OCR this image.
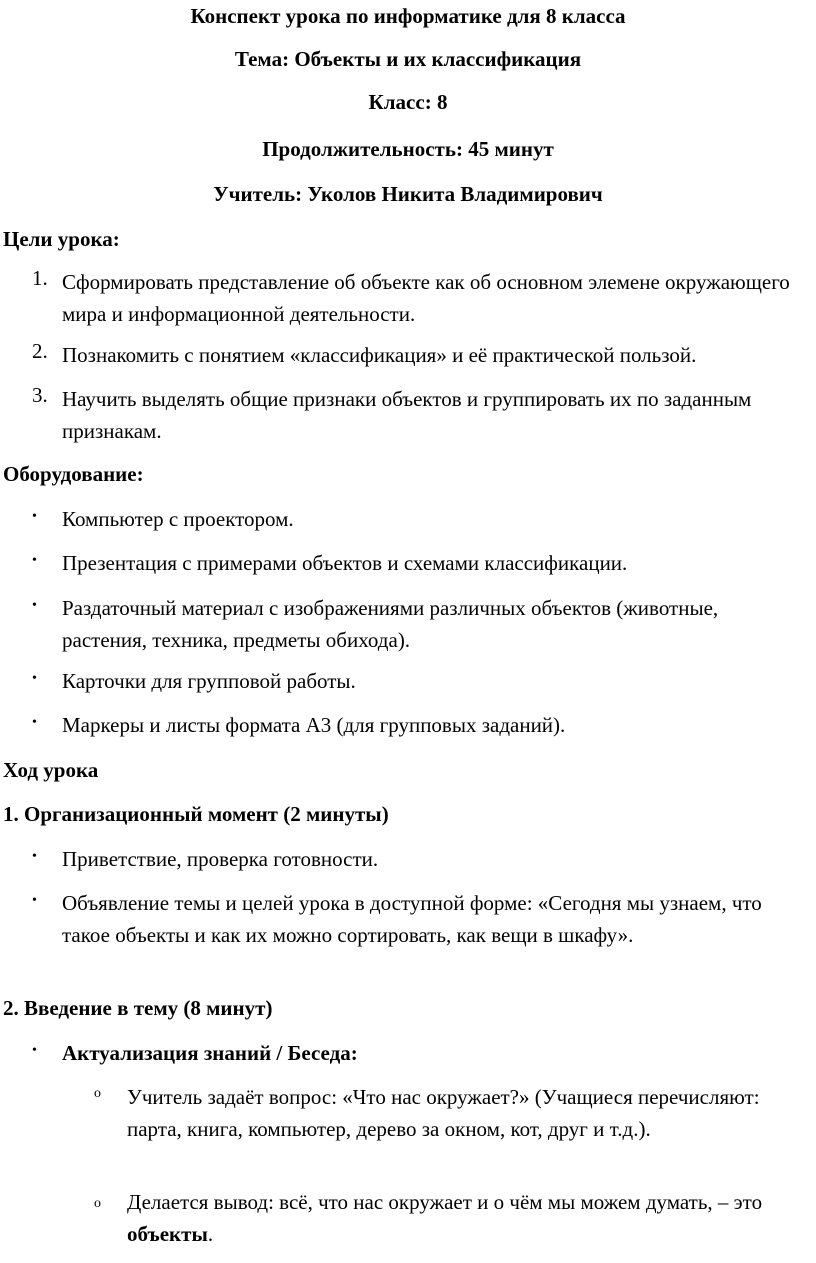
Конспект урока по информатике для 8 класса
Тема: Объекты и их классификация
Класс: 8
Продолжительность: 45 минут
Учитель: Уколов Никита Владимирович
Цели урока:
1. Сформировать представление об объекте как об основном элемене окружающего мира и информационной деятельности.
2. Познакомить с понятием «классификация» и её практической пользой.
3. Научить выделять общие признаки объектов и группировать их по заданным признакам.
Оборудование:
• Компьютер с проектором.
• Презентация с примерами объектов и схемами классификации.
• Раздаточный материал с изображениями различных объектов (животные, растения, техника, предметы обихода).
• Карточки для групповой работы.
• Маркеры и листы формата А3 (для групповых заданий).
Ход урока
1. Организационный момент (2 минуты)
• Приветствие, проверка готовности.
• Объявление темы и целей урока в доступной форме: «Сегодня мы узнаем, что такое объекты и как их можно сортировать, как вещи в шкафу».
2. Введение в тему (8 минут)
• Актуализация знаний / Беседа:
o Учитель задаёт вопрос: «Что нас окружает?» (Учащиеся перечисляют: парта, книга, компьютер, дерево за окном, кот, друг и т.д.).
o Делается вывод: всё, что нас окружает и о чём мы можем думать, – это объекты.
